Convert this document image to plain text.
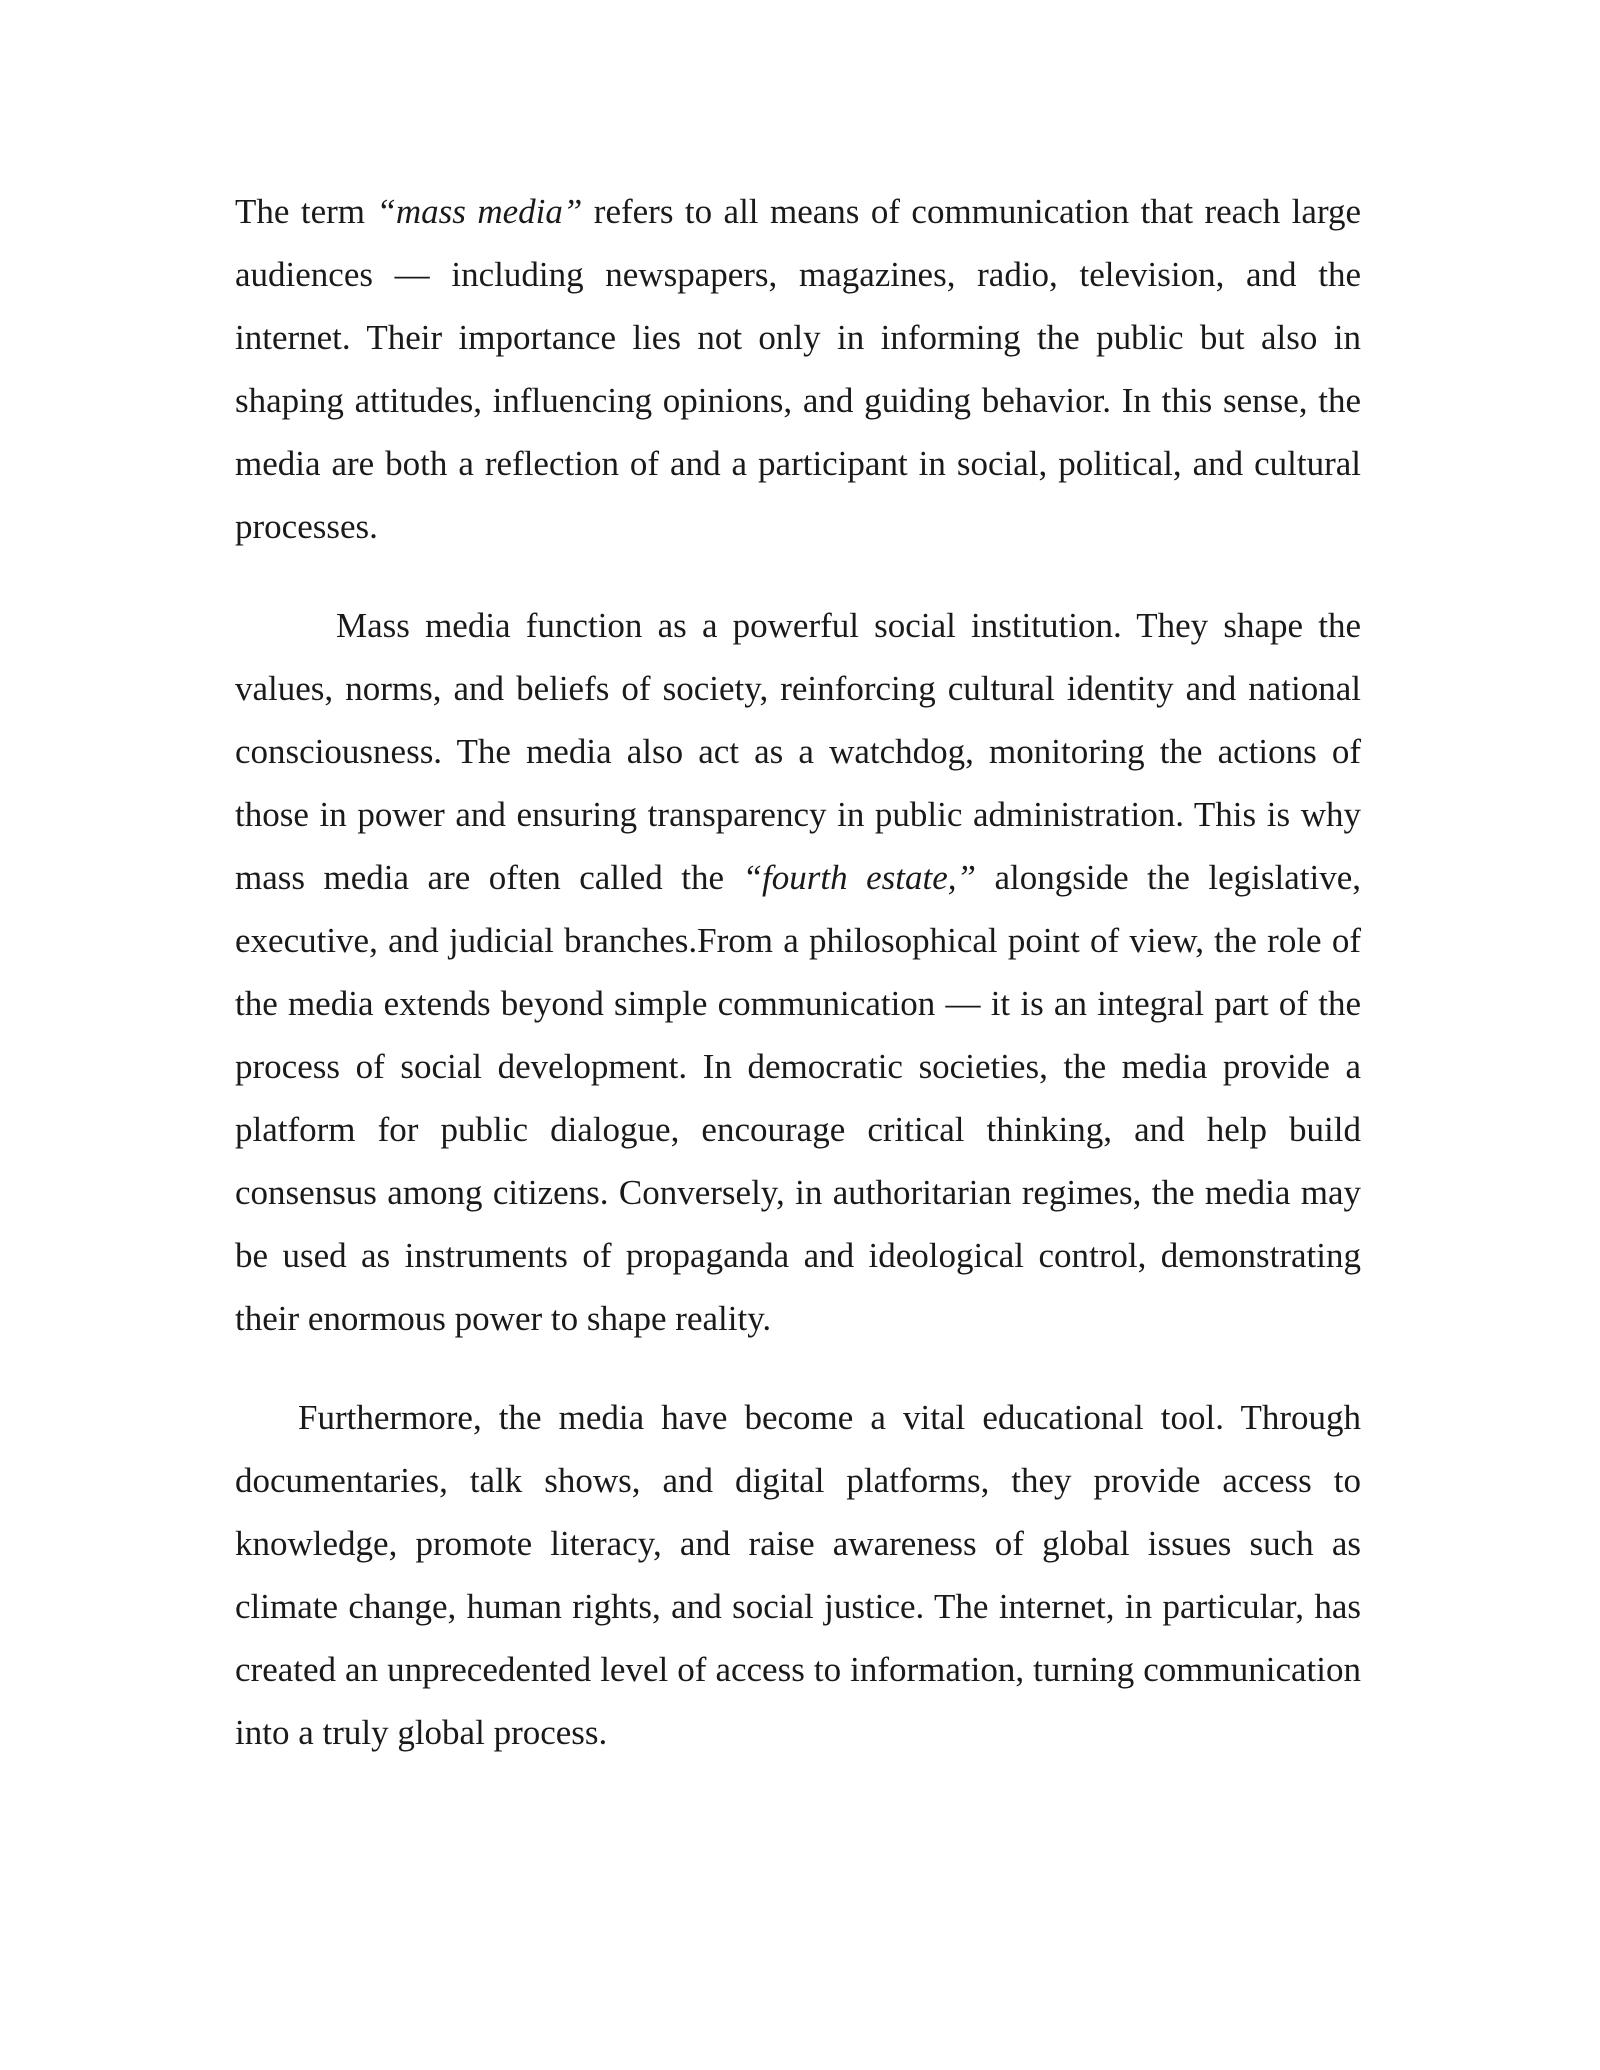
The term “mass media” refers to all means of communication that reach large audiences — including newspapers, magazines, radio, television, and the internet. Their importance lies not only in informing the public but also in shaping attitudes, influencing opinions, and guiding behavior. In this sense, the media are both a reflection of and a participant in social, political, and cultural processes.

Mass media function as a powerful social institution. They shape the values, norms, and beliefs of society, reinforcing cultural identity and national consciousness. The media also act as a watchdog, monitoring the actions of those in power and ensuring transparency in public administration. This is why mass media are often called the “fourth estate,” alongside the legislative, executive, and judicial branches.From a philosophical point of view, the role of the media extends beyond simple communication — it is an integral part of the process of social development. In democratic societies, the media provide a platform for public dialogue, encourage critical thinking, and help build consensus among citizens. Conversely, in authoritarian regimes, the media may be used as instruments of propaganda and ideological control, demonstrating their enormous power to shape reality.

Furthermore, the media have become a vital educational tool. Through documentaries, talk shows, and digital platforms, they provide access to knowledge, promote literacy, and raise awareness of global issues such as climate change, human rights, and social justice. The internet, in particular, has created an unprecedented level of access to information, turning communication into a truly global process.
